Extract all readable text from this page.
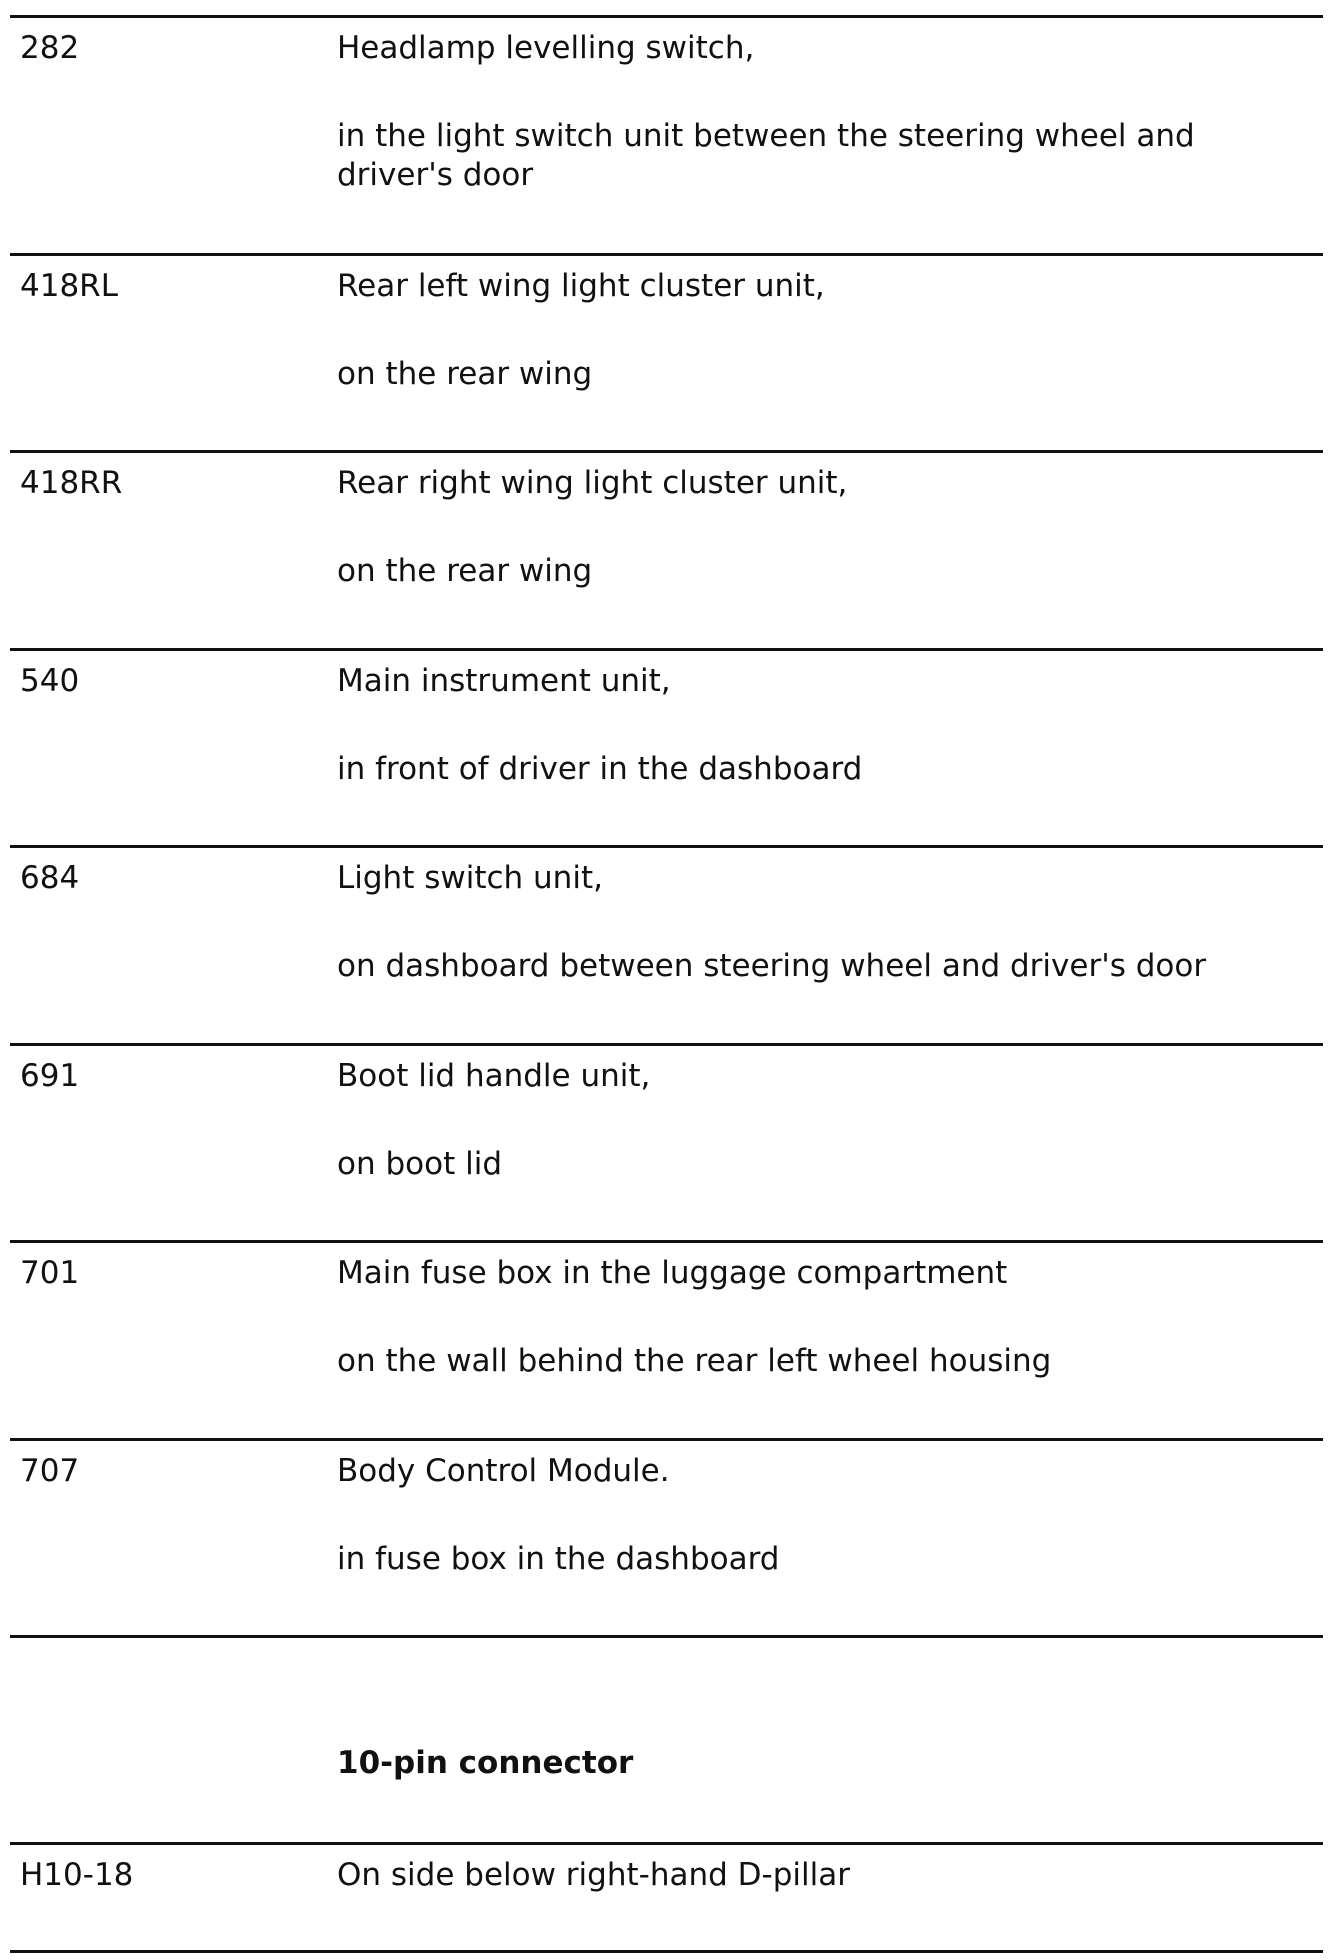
282	Headlamp levelling switch,
in the light switch unit between the steering wheel and driver's door
418RL	Rear left wing light cluster unit,
on the rear wing
418RR	Rear right wing light cluster unit,
on the rear wing
540	Main instrument unit,
in front of driver in the dashboard
684	Light switch unit,
on dashboard between steering wheel and driver's door
691	Boot lid handle unit,
on boot lid
701	Main fuse box in the luggage compartment
on the wall behind the rear left wheel housing
707	Body Control Module.
in fuse box in the dashboard
10-pin connector
H10-18	On side below right-hand D-pillar
